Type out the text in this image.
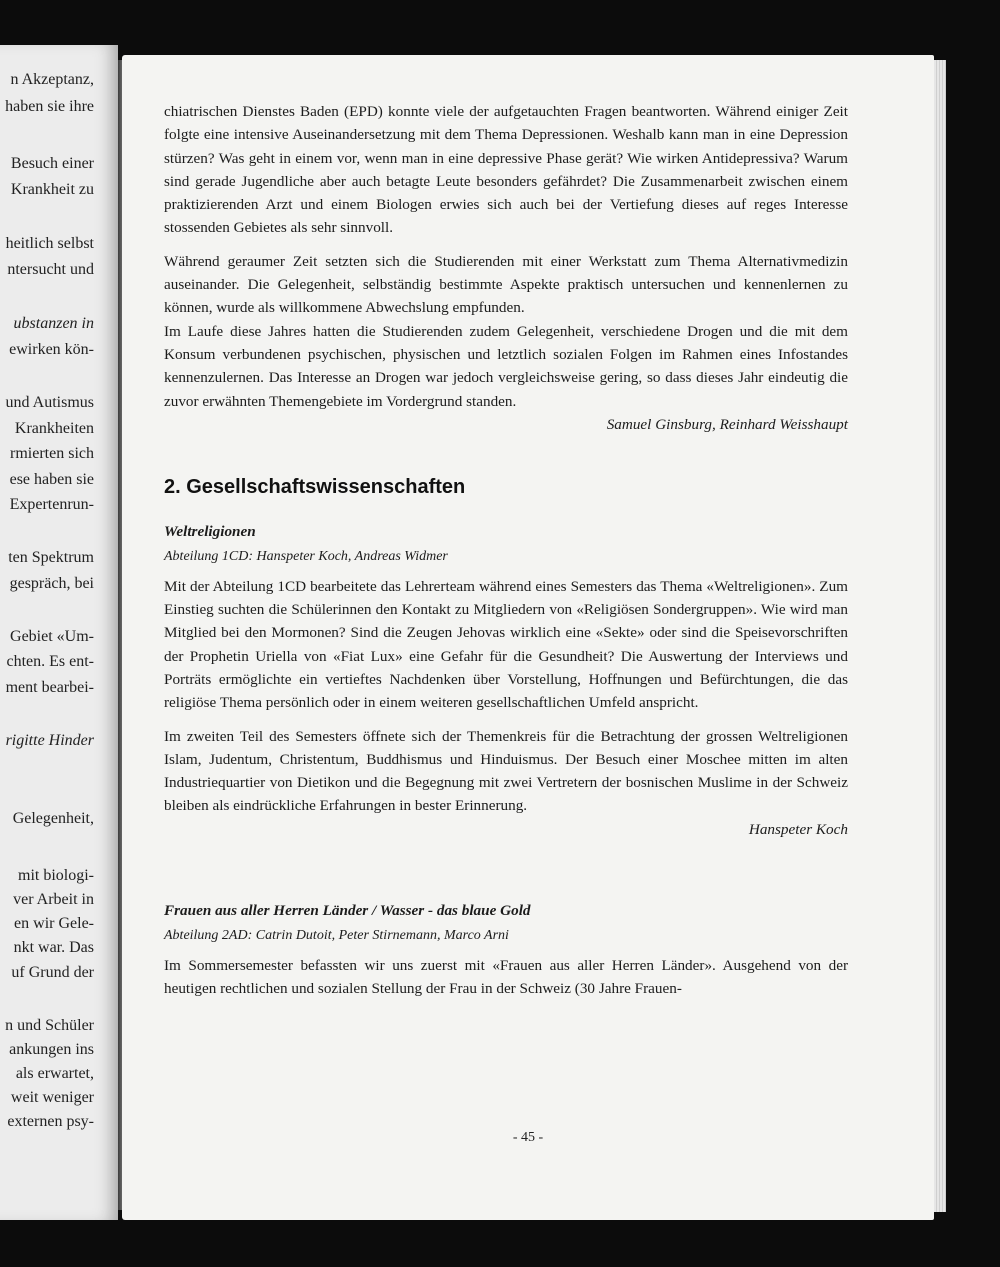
n Akzeptanz,
haben sie ihre
Besuch einer
Krankheit zu
heitlich selbst
ntersucht und
ubstanzen in
ewirken kön-
und Autismus
Krankheiten
rmierten sich
ese haben sie
Expertenrun-
ten Spektrum
gespräch, bei
Gebiet «Um-
chten. Es ent-
ment bearbei-
rigitte Hinder
Gelegenheit,
mit biologi-
ver Arbeit in
en wir Gele-
nkt war. Das
uf Grund der
n und Schüler
ankungen ins
als erwartet,
weit weniger
externen psy-

chiatrischen Dienstes Baden (EPD) konnte viele der aufgetauchten Fragen beantworten. Während einiger Zeit folgte eine intensive Auseinandersetzung mit dem Thema Depressionen. Weshalb kann man in eine Depression stürzen? Was geht in einem vor, wenn man in eine depressive Phase gerät? Wie wirken Antidepressiva? Warum sind gerade Jugendliche aber auch betagte Leute besonders gefährdet? Die Zusammenarbeit zwischen einem praktizierenden Arzt und einem Biologen erwies sich auch bei der Vertiefung dieses auf reges Interesse stossenden Gebietes als sehr sinnvoll.

Während geraumer Zeit setzten sich die Studierenden mit einer Werkstatt zum Thema Alternativmedizin auseinander. Die Gelegenheit, selbständig bestimmte Aspekte praktisch untersuchen und kennenlernen zu können, wurde als willkommene Abwechslung empfunden.

Im Laufe diese Jahres hatten die Studierenden zudem Gelegenheit, verschiedene Drogen und die mit dem Konsum verbundenen psychischen, physischen und letztlich sozialen Folgen im Rahmen eines Infostandes kennenzulernen. Das Interesse an Drogen war jedoch vergleichsweise gering, so dass dieses Jahr eindeutig die zuvor erwähnten Themengebiete im Vordergrund standen.

Samuel Ginsburg, Reinhard Weisshaupt

2. Gesellschaftswissenschaften

Weltreligionen

Abteilung 1CD: Hanspeter Koch, Andreas Widmer

Mit der Abteilung 1CD bearbeitete das Lehrerteam während eines Semesters das Thema «Weltreligionen». Zum Einstieg suchten die Schülerinnen den Kontakt zu Mitgliedern von «Religiösen Sondergruppen». Wie wird man Mitglied bei den Mormonen? Sind die Zeugen Jehovas wirklich eine «Sekte» oder sind die Speisevorschriften der Prophetin Uriella von «Fiat Lux» eine Gefahr für die Gesundheit? Die Auswertung der Interviews und Porträts ermöglichte ein vertieftes Nachdenken über Vorstellung, Hoffnungen und Befürchtungen, die das religiöse Thema persönlich oder in einem weiteren gesellschaftlichen Umfeld anspricht.

Im zweiten Teil des Semesters öffnete sich der Themenkreis für die Betrachtung der grossen Weltreligionen Islam, Judentum, Christentum, Buddhismus und Hinduismus. Der Besuch einer Moschee mitten im alten Industriequartier von Dietikon und die Begegnung mit zwei Vertretern der bosnischen Muslime in der Schweiz bleiben als eindrückliche Erfahrungen in bester Erinnerung.

Hanspeter Koch

Frauen aus aller Herren Länder / Wasser - das blaue Gold

Abteilung 2AD: Catrin Dutoit, Peter Stirnemann, Marco Arni

Im Sommersemester befassten wir uns zuerst mit «Frauen aus aller Herren Länder». Ausgehend von der heutigen rechtlichen und sozialen Stellung der Frau in der Schweiz (30 Jahre Frauen-

- 45 -
